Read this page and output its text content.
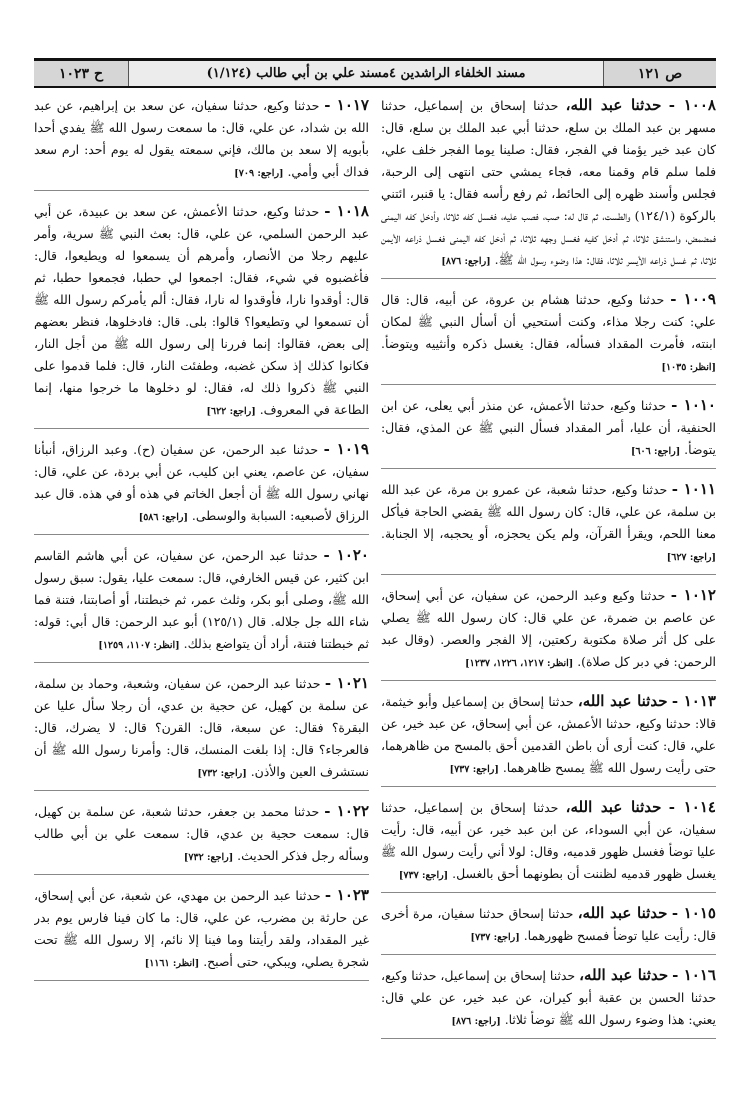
ص ١٢١
مسند الخلفاء الراشدين ٤مسند علي بن أبي طالب (١/١٢٤)
ح ١٠٢٣

١٠٠٨ - حدثنا عبد الله، حدثنا إسحاق بن إسماعيل، حدثنا مسهر بن عبد الملك بن سلع، حدثنا أبي عبد الملك بن سلع، قال: كان عبد خير يؤمنا في الفجر، فقال: صلينا يوما الفجر خلف علي، فلما سلم قام وقمنا معه، فجاء يمشي حتى انتهى إلى الرحبة، فجلس وأسند ظهره إلى الحائط، ثم رفع رأسه فقال: يا قنبر، ائتني بالركوة (١٢٤/١) والطست، ثم قال له: صب، فصب عليه، فغسل كفه ثلاثا، وأدخل كفه اليمنى فمضمض، واستنشق ثلاثا، ثم أدخل كفيه فغسل وجهه ثلاثا، ثم أدخل كفه اليمنى فغسل ذراعه الأيمن ثلاثا، ثم غسل ذراعه الأيسر ثلاثا، فقال: هذا وضوء رسول الله ﷺ. [راجع: ٨٧٦]

١٠٠٩ - حدثنا وكيع، حدثنا هشام بن عروة، عن أبيه، قال: قال علي: كنت رجلا مذاء، وكنت أستحيي أن أسأل النبي ﷺ لمكان ابنته، فأمرت المقداد فسأله، فقال: يغسل ذكره وأنثييه ويتوضأ. [انظر: ١٠٣٥]

١٠١٠ - حدثنا وكيع، حدثنا الأعمش، عن منذر أبي يعلى، عن ابن الحنفية، أن عليا، أمر المقداد فسأل النبي ﷺ عن المذي، فقال: يتوضأ. [راجع: ٦٠٦]

١٠١١ - حدثنا وكيع، حدثنا شعبة، عن عمرو بن مرة، عن عبد الله بن سلمة، عن علي، قال: كان رسول الله ﷺ يقضي الحاجة فيأكل معنا اللحم، ويقرأ القرآن، ولم يكن يحجزه، أو يحجبه، إلا الجنابة. [راجع: ٦٢٧]

١٠١٢ - حدثنا وكيع وعبد الرحمن، عن سفيان، عن أبي إسحاق، عن عاصم بن ضمرة، عن علي قال: كان رسول الله ﷺ يصلي على كل أثر صلاة مكتوبة ركعتين، إلا الفجر والعصر. (وقال عبد الرحمن: في دبر كل صلاة). [انظر: ١٢١٧، ١٢٢٦، ١٢٣٧]

١٠١٣ - حدثنا عبد الله، حدثنا إسحاق بن إسماعيل وأبو خيثمة، قالا: حدثنا وكيع، حدثنا الأعمش، عن أبي إسحاق، عن عبد خير، عن علي، قال: كنت أرى أن باطن القدمين أحق بالمسح من ظاهرهما، حتى رأيت رسول الله ﷺ يمسح ظاهرهما. [راجع: ٧٣٧]

١٠١٤ - حدثنا عبد الله، حدثنا إسحاق بن إسماعيل، حدثنا سفيان، عن أبي السوداء، عن ابن عبد خير، عن أبيه، قال: رأيت عليا توضأ فغسل ظهور قدميه، وقال: لولا أني رأيت رسول الله ﷺ يغسل ظهور قدميه لظننت أن بطونهما أحق بالغسل. [راجع: ٧٣٧]

١٠١٥ - حدثنا عبد الله، حدثنا إسحاق حدثنا سفيان، مرة أخرى قال: رأيت عليا توضأ فمسح ظهورهما. [راجع: ٧٣٧]

١٠١٦ - حدثنا عبد الله، حدثنا إسحاق بن إسماعيل، حدثنا وكيع، حدثنا الحسن بن عقبة أبو كيران، عن عبد خير، عن علي قال: يعني: هذا وضوء رسول الله ﷺ توضأ ثلاثا. [راجع: ٨٧٦]

١٠١٧ - حدثنا وكيع، حدثنا سفيان، عن سعد بن إبراهيم، عن عبد الله بن شداد، عن علي، قال: ما سمعت رسول الله ﷺ يفدي أحدا بأبويه إلا سعد بن مالك، فإني سمعته يقول له يوم أحد: ارم سعد فداك أبي وأمي. [راجع: ٧٠٩]

١٠١٨ - حدثنا وكيع، حدثنا الأعمش، عن سعد بن عبيدة، عن أبي عبد الرحمن السلمي، عن علي، قال: بعث النبي ﷺ سرية، وأمر عليهم رجلا من الأنصار، وأمرهم أن يسمعوا له ويطيعوا، قال: فأغضبوه في شيء، فقال: اجمعوا لي حطبا، فجمعوا حطبا، ثم قال: أوقدوا نارا، فأوقدوا له نارا، فقال: ألم يأمركم رسول الله ﷺ أن تسمعوا لي وتطيعوا؟ قالوا: بلى. قال: فادخلوها، فنظر بعضهم إلى بعض، فقالوا: إنما فررنا إلى رسول الله ﷺ من أجل النار، فكانوا كذلك إذ سكن غضبه، وطفئت النار، قال: فلما قدموا على النبي ﷺ ذكروا ذلك له، فقال: لو دخلوها ما خرجوا منها، إنما الطاعة في المعروف. [راجع: ٦٢٢]

١٠١٩ - حدثنا عبد الرحمن، عن سفيان (ح). وعبد الرزاق، أنبأنا سفيان، عن عاصم، يعني ابن كليب، عن أبي بردة، عن علي، قال: نهاني رسول الله ﷺ أن أجعل الخاتم في هذه أو في هذه. قال عبد الرزاق لأصبعيه: السبابة والوسطى. [راجع: ٥٨٦]

١٠٢٠ - حدثنا عبد الرحمن، عن سفيان، عن أبي هاشم القاسم ابن كثير، عن قيس الخارفي، قال: سمعت عليا، يقول: سبق رسول الله ﷺ، وصلى أبو بكر، وثلث عمر، ثم خبطتنا، أو أصابتنا، فتنة فما شاء الله جل جلاله. قال (١٢٥/١) أبو عبد الرحمن: قال أبي: قوله: ثم خبطتنا فتنة، أراد أن يتواضع بذلك. [انظر: ١١٠٧، ١٢٥٩]

١٠٢١ - حدثنا عبد الرحمن، عن سفيان، وشعبة، وحماد بن سلمة، عن سلمة بن كهيل، عن حجية بن عدي، أن رجلا سأل عليا عن البقرة؟ فقال: عن سبعة، قال: القرن؟ قال: لا يضرك، قال: فالعرجاء؟ قال: إذا بلغت المنسك، قال: وأمرنا رسول الله ﷺ أن نستشرف العين والأذن. [راجع: ٧٣٢]

١٠٢٢ - حدثنا محمد بن جعفر، حدثنا شعبة، عن سلمة بن كهيل، قال: سمعت حجية بن عدي، قال: سمعت علي بن أبي طالب وسأله رجل فذكر الحديث. [راجع: ٧٣٢]

١٠٢٣ - حدثنا عبد الرحمن بن مهدي، عن شعبة، عن أبي إسحاق، عن حارثة بن مضرب، عن علي، قال: ما كان فينا فارس يوم بدر غير المقداد، ولقد رأيتنا وما فينا إلا نائم، إلا رسول الله ﷺ تحت شجرة يصلي، ويبكي، حتى أصبح. [انظر: ١١٦١]
